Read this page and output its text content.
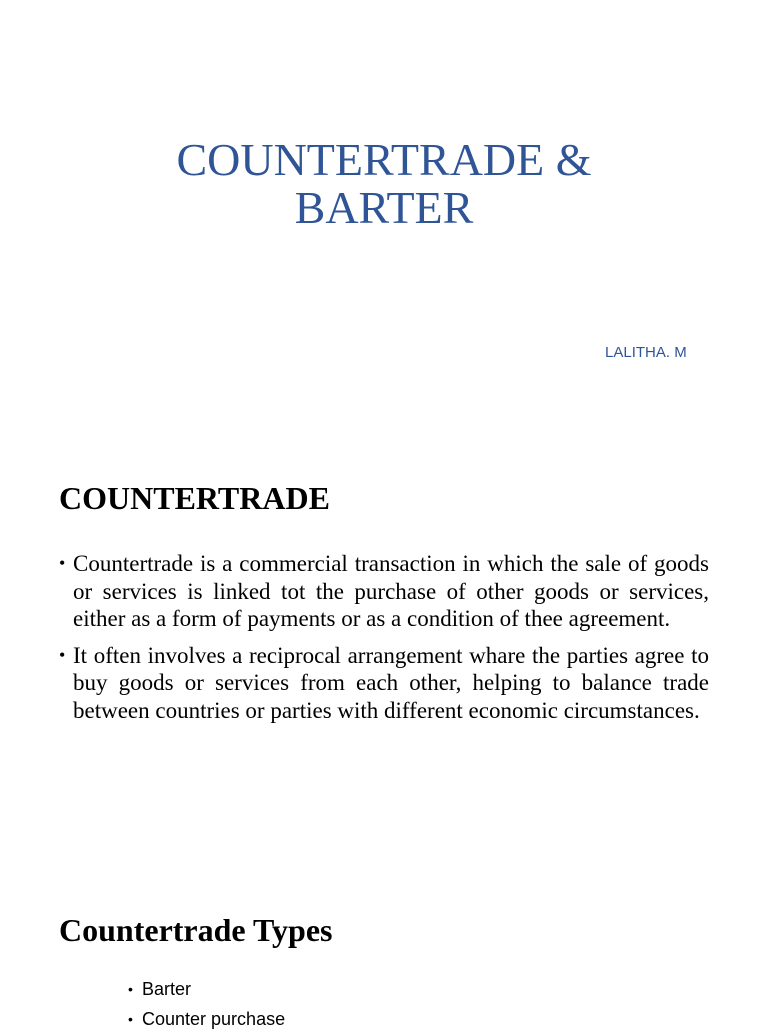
COUNTERTRADE &
BARTER
LALITHA. M
COUNTERTRADE
• Countertrade is a commercial transaction in which the sale of goods or services is linked tot the purchase of other goods or services, either as a form of payments or as a condition of thee agreement.
• It often involves a reciprocal arrangement whare the parties agree to buy goods or services from each other, helping to balance trade between countries or parties with different economic circumstances.
Countertrade Types
• Barter
• Counter purchase
